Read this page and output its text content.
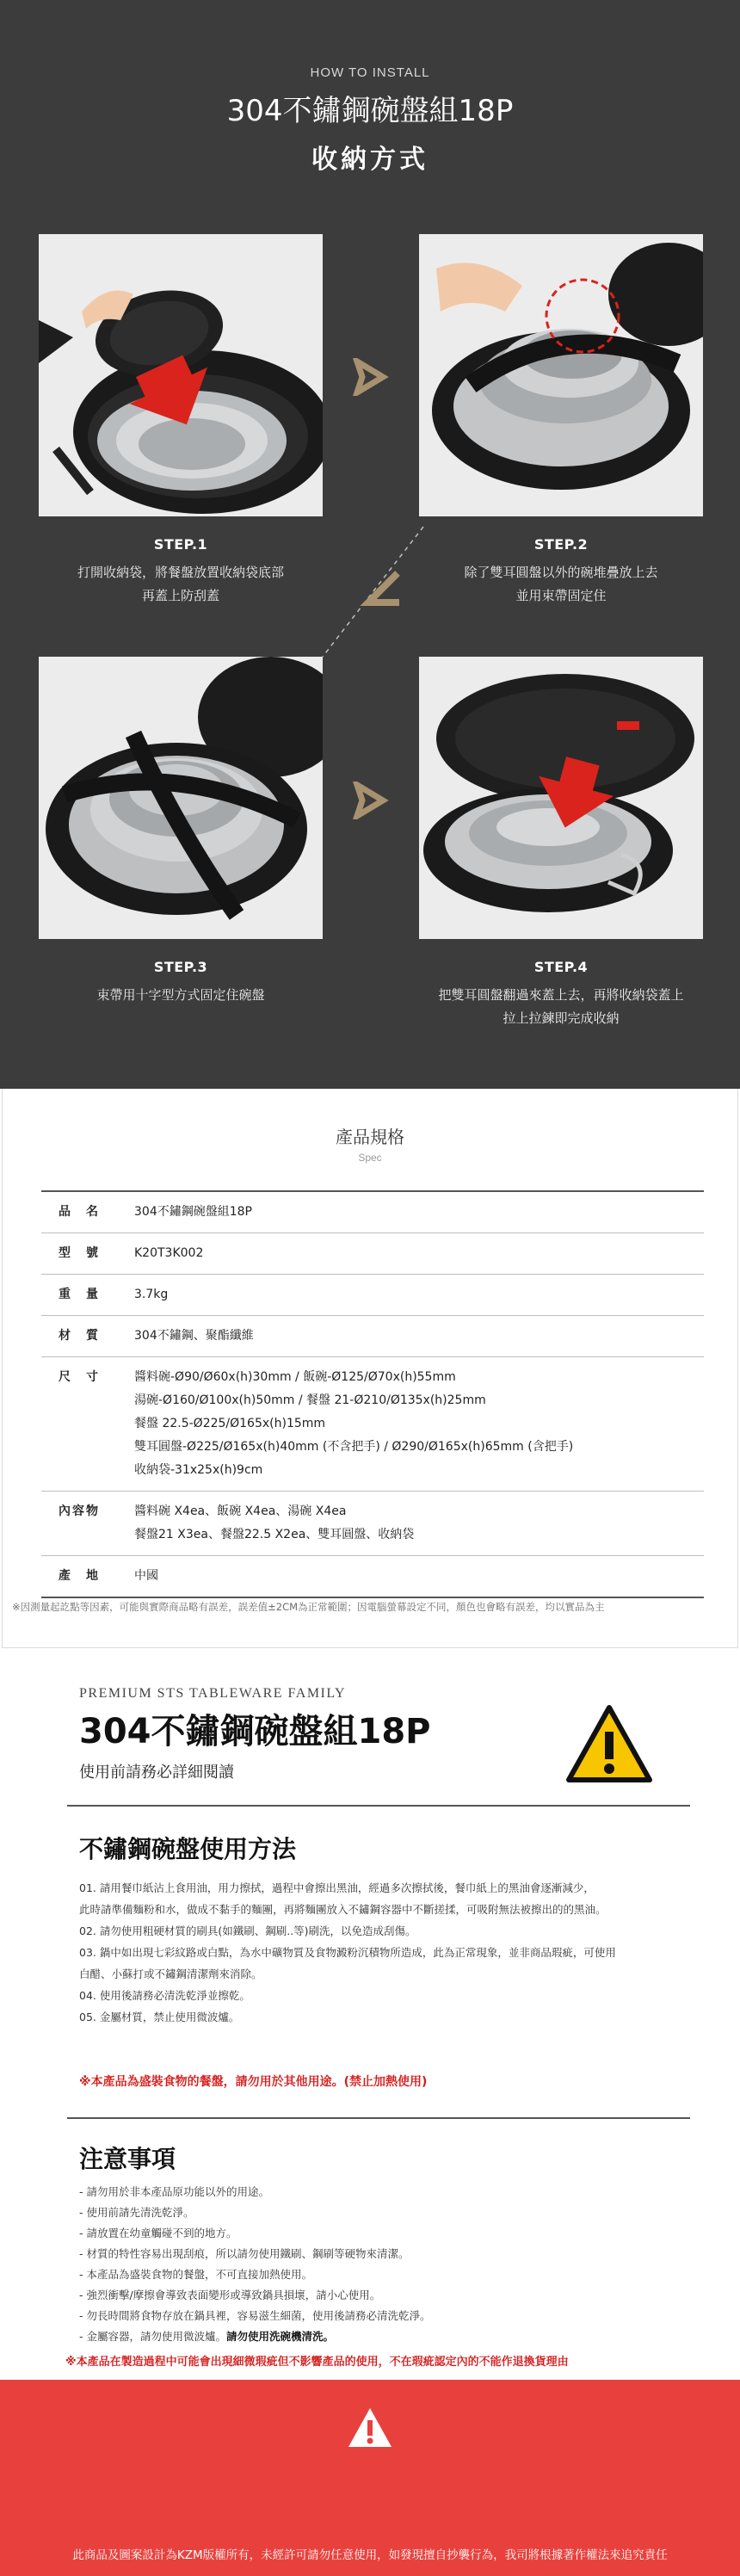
HOW TO INSTALL
304不鏽鋼碗盤組18P
收納方式
STEP.1
打開收納袋，將餐盤放置收納袋底部
再蓋上防刮蓋
STEP.2
除了雙耳圓盤以外的碗堆疊放上去
並用束帶固定住
STEP.3
束帶用十字型方式固定住碗盤
STEP.4
把雙耳圓盤翻過來蓋上去，再將收納袋蓋上
拉上拉鍊即完成收納
產品規格
Spec
品　名	304不鏽鋼碗盤組18P

型　號	K20T3K002

重　量	3.7kg

材　質	304不鏽鋼、聚酯纖維

尺　寸	醬料碗-Ø90/Ø60x(h)30mm / 飯碗-Ø125/Ø70x(h)55mm
湯碗-Ø160/Ø100x(h)50mm / 餐盤 21-Ø210/Ø135x(h)25mm
餐盤 22.5-Ø225/Ø165x(h)15mm
雙耳圓盤-Ø225/Ø165x(h)40mm (不含把手) / Ø290/Ø165x(h)65mm (含把手)
收納袋-31x25x(h)9cm

內容物	醬料碗 X4ea、飯碗 X4ea、湯碗 X4ea
餐盤21 X3ea、餐盤22.5 X2ea、雙耳圓盤、收納袋

產　地	中國
※因測量起訖點等因素，可能與實際商品略有誤差，誤差值±2CM為正常範圍；因電腦螢幕設定不同，顏色也會略有誤差，均以實品為主
PREMIUM STS TABLEWARE FAMILY
304不鏽鋼碗盤組18P
使用前請務必詳細閱讀
不鏽鋼碗盤使用方法
01. 請用餐巾紙沾上食用油，用力擦拭，過程中會擦出黑油，經過多次擦拭後，餐巾紙上的黑油會逐漸減少，
此時請準備麵粉和水，做成不黏手的麵團，再將麵團放入不鏽鋼容器中不斷搓揉，可吸附無法被擦出的的黑油。
02. 請勿使用粗硬材質的刷具(如鐵刷、鋼刷..等)刷洗，以免造成刮傷。
03. 鍋中如出現七彩紋路或白點，為水中礦物質及食物澱粉沉積物所造成，此為正常現象，並非商品瑕疵，可使用
白醋、小蘇打或不鏽鋼清潔劑來消除。
04. 使用後請務必清洗乾淨並擦乾。
05. 金屬材質，禁止使用微波爐。
※本產品為盛裝食物的餐盤，請勿用於其他用途。(禁止加熱使用)
注意事項
- 請勿用於非本產品原功能以外的用途。
- 使用前請先清洗乾淨。
- 請放置在幼童觸碰不到的地方。
- 材質的特性容易出現刮痕，所以請勿使用鐵刷、鋼刷等硬物來清潔。
- 本產品為盛裝食物的餐盤，不可直接加熱使用。
- 強烈衝擊/摩擦會導致表面變形或導致鍋具損壞，請小心使用。
- 勿長時間將食物存放在鍋具裡，容易滋生細菌，使用後請務必清洗乾淨。
- 金屬容器，請勿使用微波爐。請勿使用洗碗機清洗。
※本產品在製造過程中可能會出現細微瑕疵但不影響產品的使用，不在瑕疵認定內的不能作退換貨理由
此商品及圖案設計為KZM版權所有，未經許可請勿任意使用，如發現擅自抄襲行為，我司將根據著作權法來追究責任
